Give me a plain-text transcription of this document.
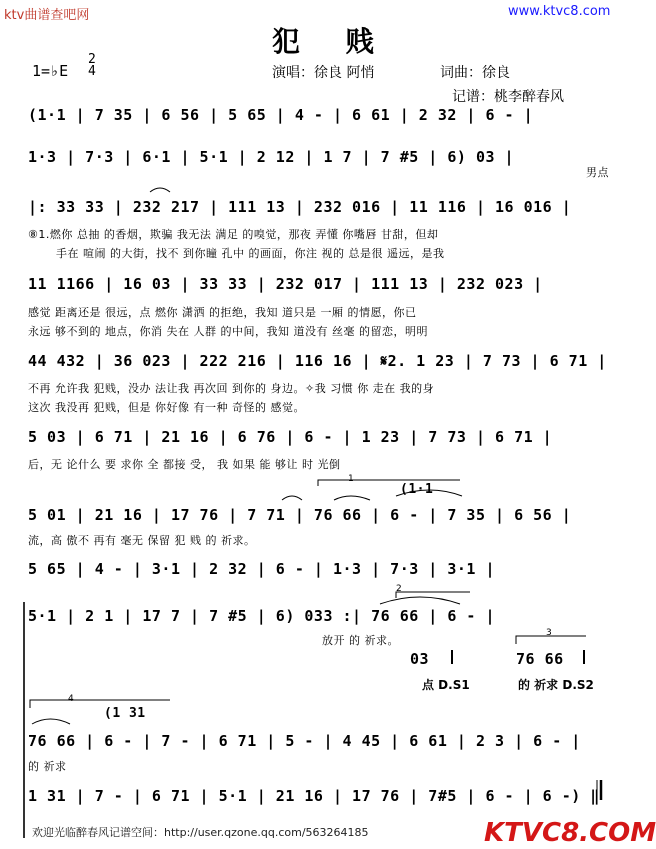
ktv曲谱查吧网	www.ktvc8.com
犯 贱
1=♭E
2
4	演唱：徐良 阿悄	词曲：徐良
记谱：桃李醉春风
(1·1 | 7 35 | 6 56 | 5 65 | 4 - | 6 61 | 2 32 | 6 - |
1·3 | 7·3 | 6·1 | 5·1 | 2 12 | 1 7 | 7 #5 | 6) 03 |
男点
|: 33 33 | 232 217 | 111 13 | 232 016 | 11 116 | 16 016 |
⑧1.燃你 总抽 的香烟，欺骗 我无法 满足 的嗅觉，那夜 弄懂 你嘴唇 甘甜，但却
手在 喧闹 的大街，找不 到你瞳 孔中 的画面，你注 视的 总是很 遥远，是我
11 1166 | 16 03 | 33 33 | 232 017 | 111 13 | 232 023 |
感觉 距离还是 很远，点 燃你 潇洒 的拒绝，我知 道只是 一厢 的情愿，你已
永远 够不到的 地点，你消 失在 人群 的中间，我知 道没有 丝毫 的留恋，明明
44 432 | 36 023 | 222 216 | 116 16 | 𝄋2. 1 23 | 7 73 | 6 71 |
不再 允许我 犯贱，没办 法让我 再次回 到你的 身边。✧我 习惯 你 走在 我的身
这次 我没再 犯贱，但是 你好像 有一种 奇怪的 感觉。
5 03 | 6 71 | 21 16 | 6 76 | 6 - | 1 23 | 7 73 | 6 71 |
后，无 论什么 要 求你 全 都接 受， 我 如果 能 够让 时 光倒
1
(1·1
5 01 | 21 16 | 17 76 | 7 71 | 76 66 | 6 - | 7 35 | 6 56 |
流，高 傲不 再有 毫无 保留 犯 贱 的 祈求。
5 65 | 4 - | 3·1 | 2 32 | 6 - | 1·3 | 7·3 | 3·1 |
2
5·1 | 2 1 | 17 7 | 7 #5 | 6) 033 :| 76 66 | 6 - |
放开 的 祈求。
3
03
点 D.S1
76 66
的 祈求 D.S2
4
(1 31
76 66 | 6 - | 7 - | 6 71 | 5 - | 4 45 | 6 61 | 2 3 | 6 - |
的 祈求
1 31 | 7 - | 6 71 | 5·1 | 21 16 | 17 76 | 7#5 | 6 - | 6 -) ‖
欢迎光临醉春风记谱空间：http://user.qzone.qq.com/563264185	KTVC8.COM
